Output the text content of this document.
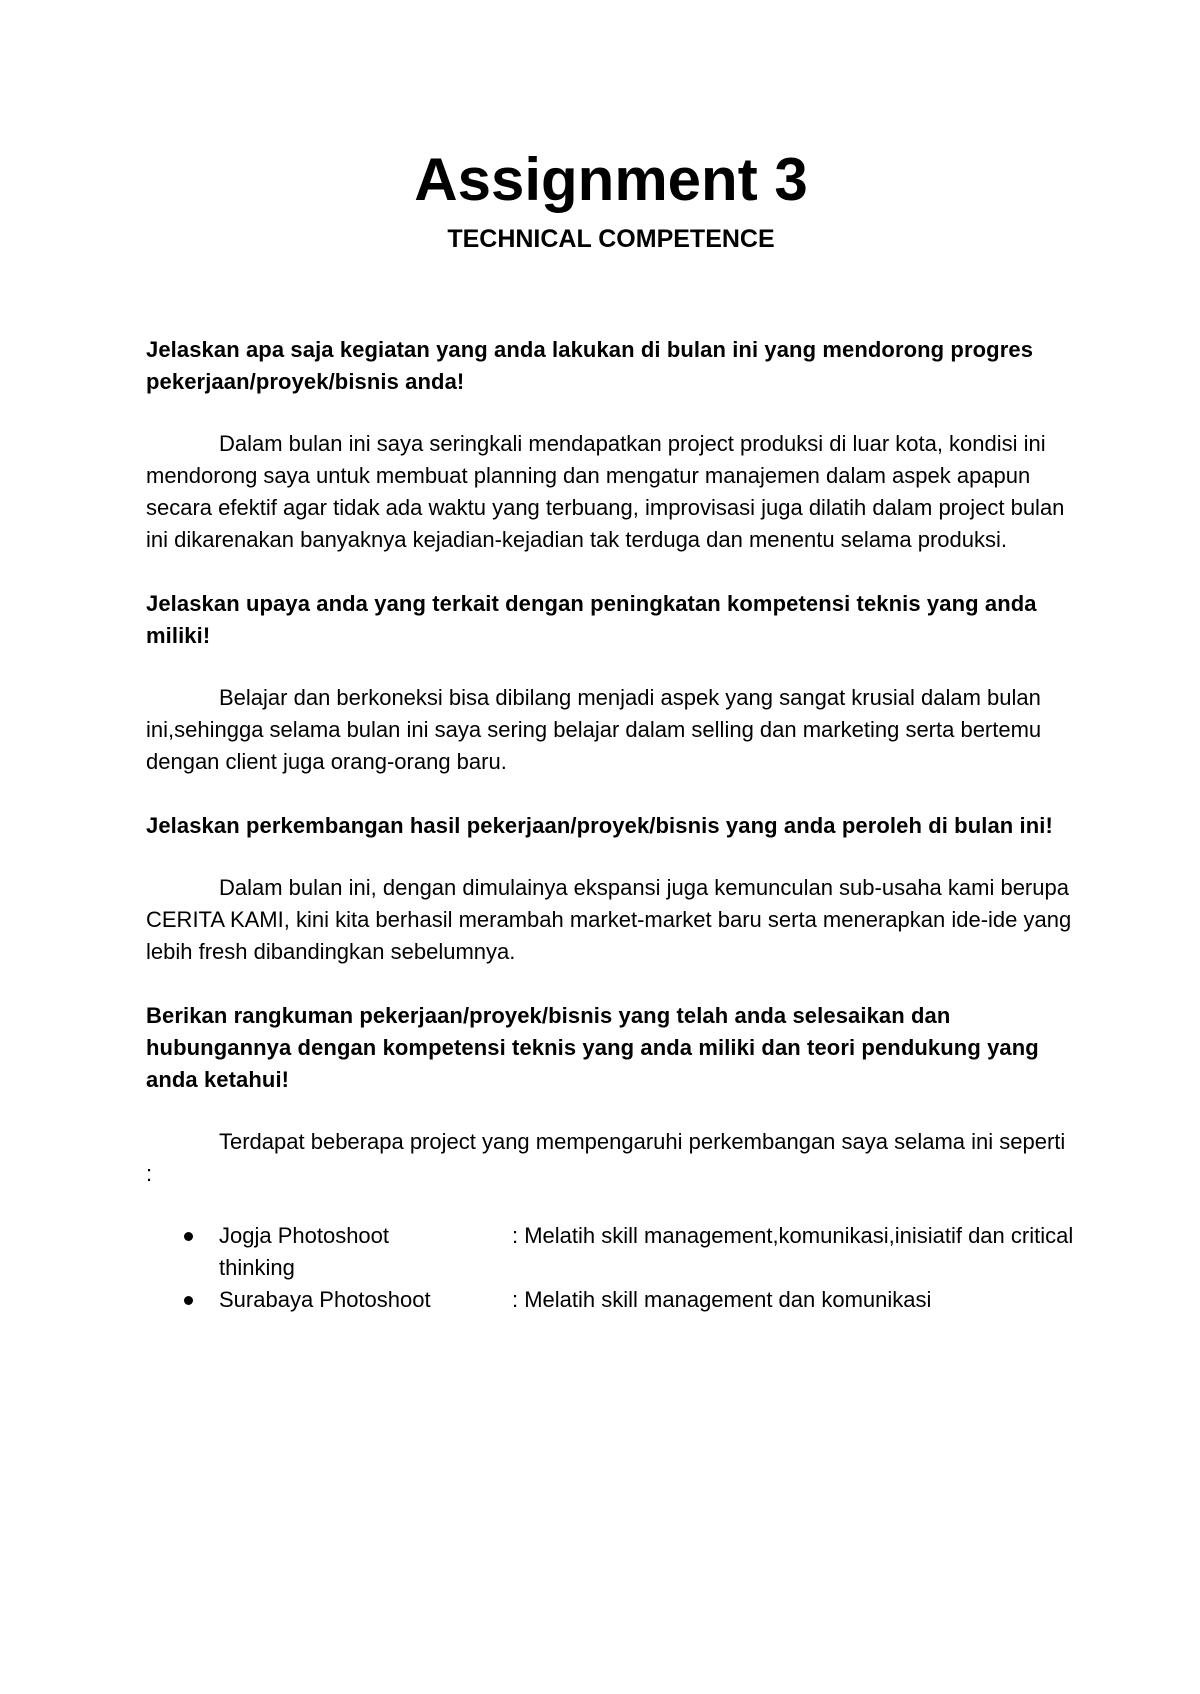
Assignment 3
TECHNICAL COMPETENCE

Jelaskan apa saja kegiatan yang anda lakukan di bulan ini yang mendorong progres pekerjaan/proyek/bisnis anda!

Dalam bulan ini saya seringkali mendapatkan project produksi di luar kota, kondisi ini mendorong saya untuk membuat planning dan mengatur manajemen dalam aspek apapun secara efektif agar tidak ada waktu yang terbuang, improvisasi juga dilatih dalam project bulan ini dikarenakan banyaknya kejadian-kejadian tak terduga dan menentu selama produksi.

Jelaskan upaya anda yang terkait dengan peningkatan kompetensi teknis yang anda miliki!

Belajar dan berkoneksi bisa dibilang menjadi aspek yang sangat krusial dalam bulan ini,sehingga selama bulan ini saya sering belajar dalam selling dan marketing serta bertemu dengan client juga orang-orang baru.

Jelaskan perkembangan hasil pekerjaan/proyek/bisnis yang anda peroleh di bulan ini!

Dalam bulan ini, dengan dimulainya ekspansi juga kemunculan sub-usaha kami berupa CERITA KAMI, kini kita berhasil merambah market-market baru serta menerapkan ide-ide yang lebih fresh dibandingkan sebelumnya.

Berikan rangkuman pekerjaan/proyek/bisnis yang telah anda selesaikan dan hubungannya dengan kompetensi teknis yang anda miliki dan teori pendukung yang anda ketahui!

Terdapat beberapa project yang mempengaruhi perkembangan saya selama ini seperti :

Jogja Photoshoot	: Melatih skill management,komunikasi,inisiatif dan critical thinking
Surabaya Photoshoot	: Melatih skill management dan komunikasi
